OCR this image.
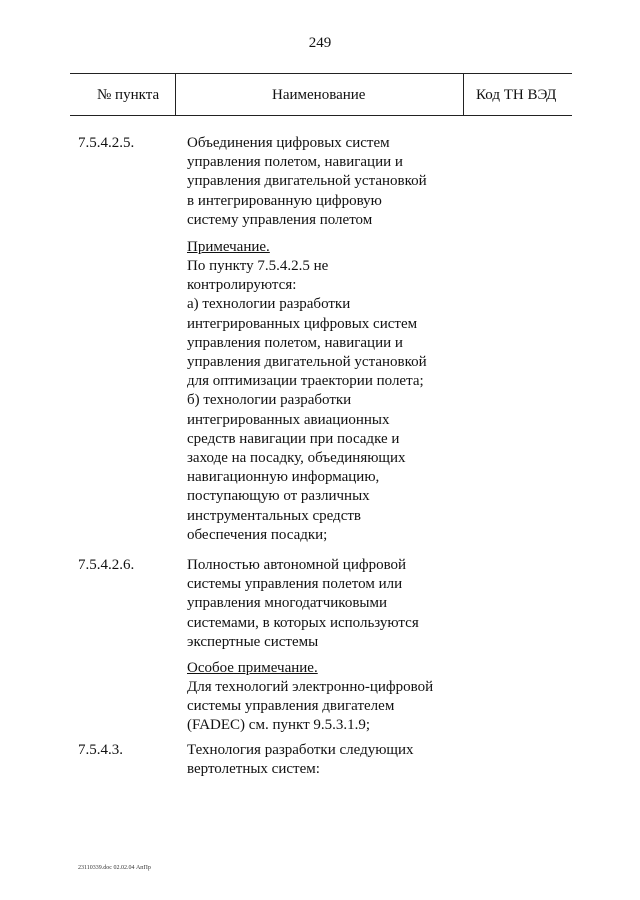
249
№ пункта	Наименование	Код ТН ВЭД
7.5.4.2.5.	Объединения цифровых систем
управления полетом, навигации и
управления двигательной установкой
в интегрированную цифровую
систему управления полетом
Примечание.
По пункту 7.5.4.2.5 не
контролируются:
а) технологии разработки
интегрированных цифровых систем
управления полетом, навигации и
управления двигательной установкой
для оптимизации траектории полета;
б) технологии разработки
интегрированных авиационных
средств навигации при посадке и
заходе на посадку, объединяющих
навигационную информацию,
поступающую от различных
инструментальных средств
обеспечения посадки;
7.5.4.2.6.	Полностью автономной цифровой
системы управления полетом или
управления многодатчиковыми
системами, в которых используются
экспертные системы
Особое примечание.
Для технологий электронно-цифровой
системы управления двигателем
(FADEC) см. пункт 9.5.3.1.9;
7.5.4.3.	Технология разработки следующих
вертолетных систем:
23110339.doc 02.02.04 АпПр
